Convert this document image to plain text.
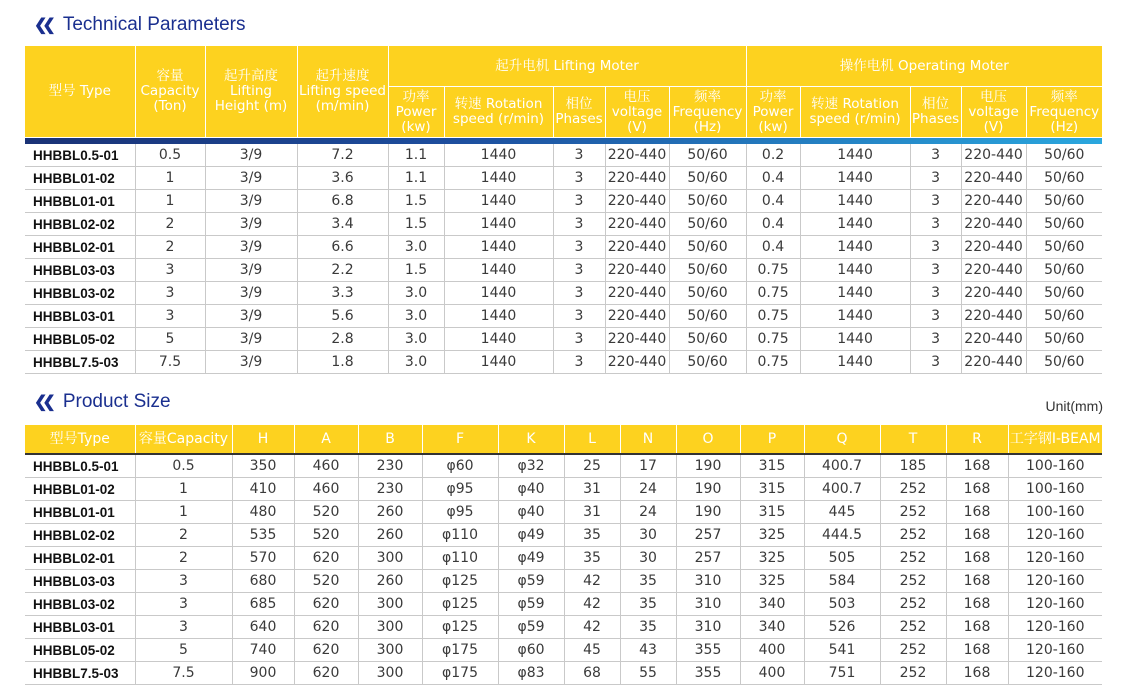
❮❮ Technical Parameters
型号 Type	容量 Capacity (Ton)	起升高度 Lifting Height (m)	起升速度 Lifting speed (m/min)	起升电机 Lifting Moter					操作电机 Operating Moter				
				功率 Power (kw)	转速 Rotation speed (r/min)	相位 Phases	电压 voltage (V)	频率 Frequency (Hz)	功率 Power (kw)	转速 Rotation speed (r/min)	相位 Phases	电压 voltage (V)	频率 Frequency (Hz)

HHBBL0.5-01	0.5	3/9	7.2	1.1	1440	3	220-440	50/60	0.2	1440	3	220-440	50/60
HHBBL01-02	1	3/9	3.6	1.1	1440	3	220-440	50/60	0.4	1440	3	220-440	50/60
HHBBL01-01	1	3/9	6.8	1.5	1440	3	220-440	50/60	0.4	1440	3	220-440	50/60
HHBBL02-02	2	3/9	3.4	1.5	1440	3	220-440	50/60	0.4	1440	3	220-440	50/60
HHBBL02-01	2	3/9	6.6	3.0	1440	3	220-440	50/60	0.4	1440	3	220-440	50/60
HHBBL03-03	3	3/9	2.2	1.5	1440	3	220-440	50/60	0.75	1440	3	220-440	50/60
HHBBL03-02	3	3/9	3.3	3.0	1440	3	220-440	50/60	0.75	1440	3	220-440	50/60
HHBBL03-01	3	3/9	5.6	3.0	1440	3	220-440	50/60	0.75	1440	3	220-440	50/60
HHBBL05-02	5	3/9	2.8	3.0	1440	3	220-440	50/60	0.75	1440	3	220-440	50/60
HHBBL7.5-03	7.5	3/9	1.8	3.0	1440	3	220-440	50/60	0.75	1440	3	220-440	50/60
❮❮ Product Size	Unit(mm)
型号Type	容量Capacity	H	A	B	F	K	L	N	O	P	Q	T	R	工字钢I-BEAM
HHBBL0.5-01	0.5	350	460	230	φ60	φ32	25	17	190	315	400.7	185	168	100-160
HHBBL01-02	1	410	460	230	φ95	φ40	31	24	190	315	400.7	252	168	100-160
HHBBL01-01	1	480	520	260	φ95	φ40	31	24	190	315	445	252	168	100-160
HHBBL02-02	2	535	520	260	φ110	φ49	35	30	257	325	444.5	252	168	120-160
HHBBL02-01	2	570	620	300	φ110	φ49	35	30	257	325	505	252	168	120-160
HHBBL03-03	3	680	520	260	φ125	φ59	42	35	310	325	584	252	168	120-160
HHBBL03-02	3	685	620	300	φ125	φ59	42	35	310	340	503	252	168	120-160
HHBBL03-01	3	640	620	300	φ125	φ59	42	35	310	340	526	252	168	120-160
HHBBL05-02	5	740	620	300	φ175	φ60	45	43	355	400	541	252	168	120-160
HHBBL7.5-03	7.5	900	620	300	φ175	φ83	68	55	355	400	751	252	168	120-160
